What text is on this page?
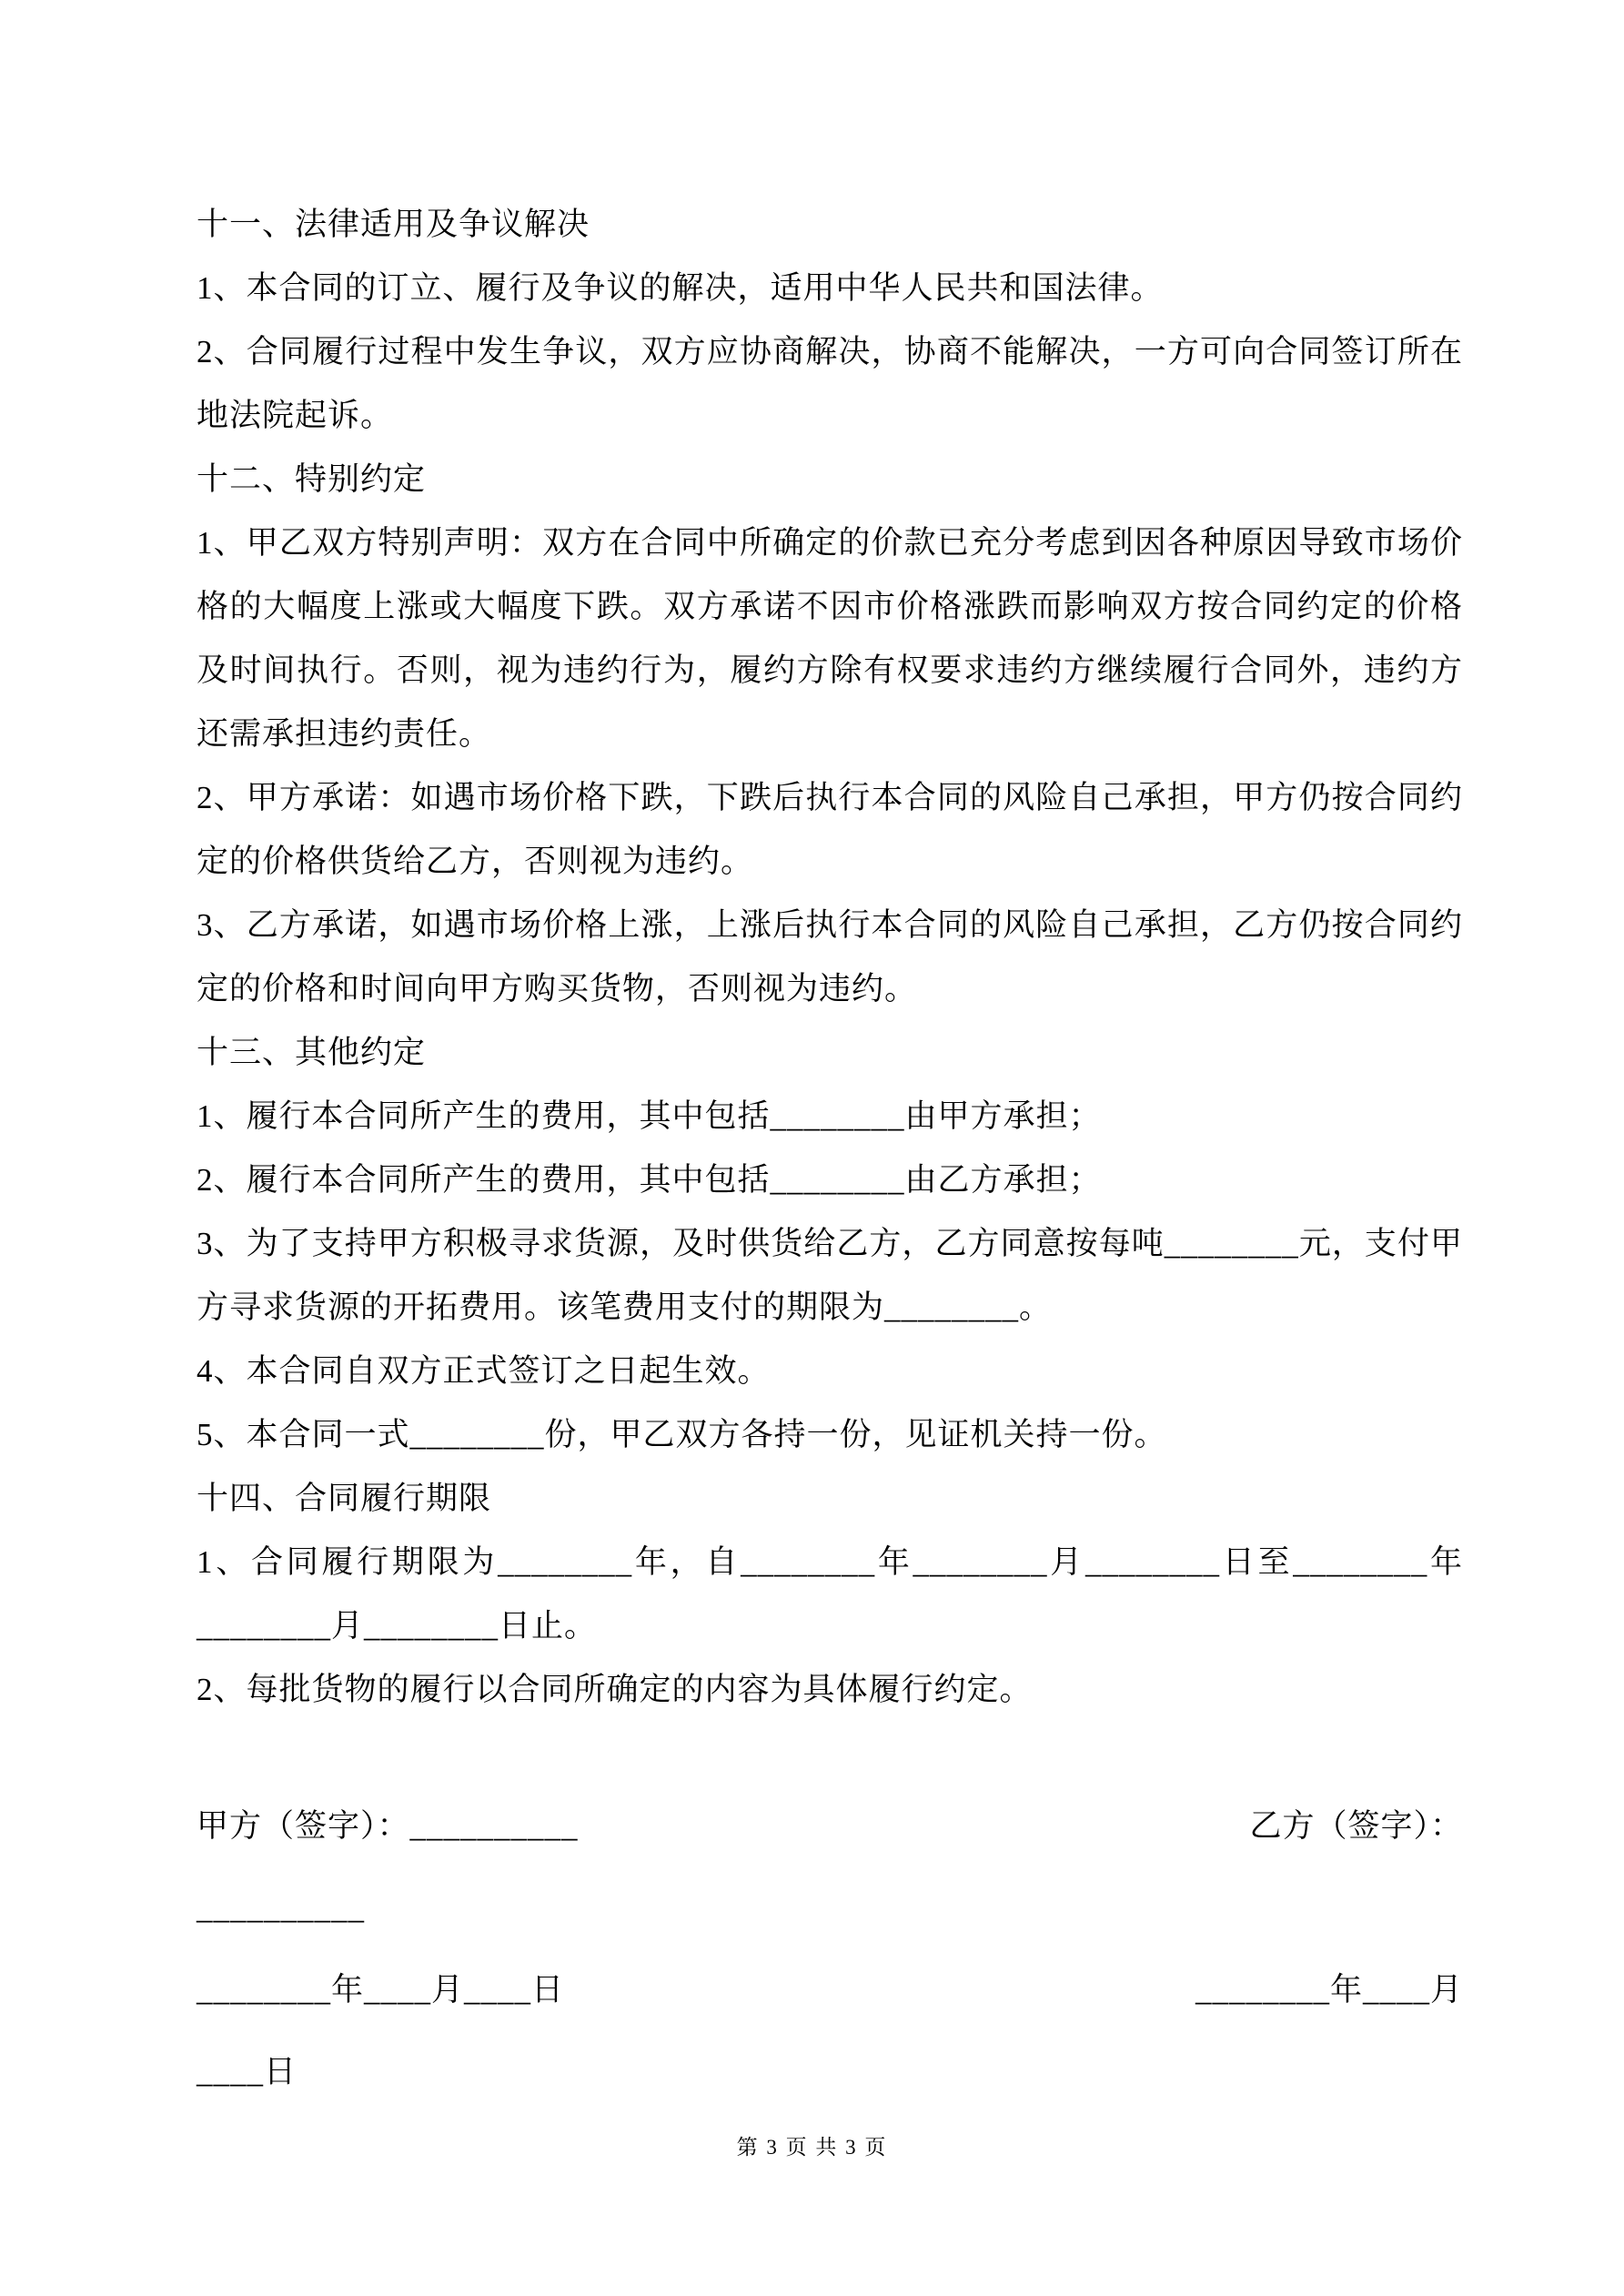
十一、法律适用及争议解决

1、本合同的订立、履行及争议的解决，适用中华人民共和国法律。

2、合同履行过程中发生争议，双方应协商解决，协商不能解决，一方可向合同签订所在地法院起诉。

十二、特别约定

1、甲乙双方特别声明：双方在合同中所确定的价款已充分考虑到因各种原因导致市场价格的大幅度上涨或大幅度下跌。双方承诺不因市价格涨跌而影响双方按合同约定的价格及时间执行。否则，视为违约行为，履约方除有权要求违约方继续履行合同外，违约方还需承担违约责任。

2、甲方承诺：如遇市场价格下跌，下跌后执行本合同的风险自己承担，甲方仍按合同约定的价格供货给乙方，否则视为违约。

3、乙方承诺，如遇市场价格上涨，上涨后执行本合同的风险自己承担，乙方仍按合同约定的价格和时间向甲方购买货物，否则视为违约。

十三、其他约定

1、履行本合同所产生的费用，其中包括________由甲方承担；

2、履行本合同所产生的费用，其中包括________由乙方承担；

3、为了支持甲方积极寻求货源，及时供货给乙方，乙方同意按每吨________元，支付甲方寻求货源的开拓费用。该笔费用支付的期限为________。

4、本合同自双方正式签订之日起生效。

5、本合同一式________份，甲乙双方各持一份，见证机关持一份。

十四、合同履行期限

1、合同履行期限为________年，自________年________月________日至________年________月________日止。

2、每批货物的履行以合同所确定的内容为具体履行约定。

甲方（签字）：__________	乙方（签字）：
__________
________年____月____日	________年____月
____日
第 3 页 共 3 页
